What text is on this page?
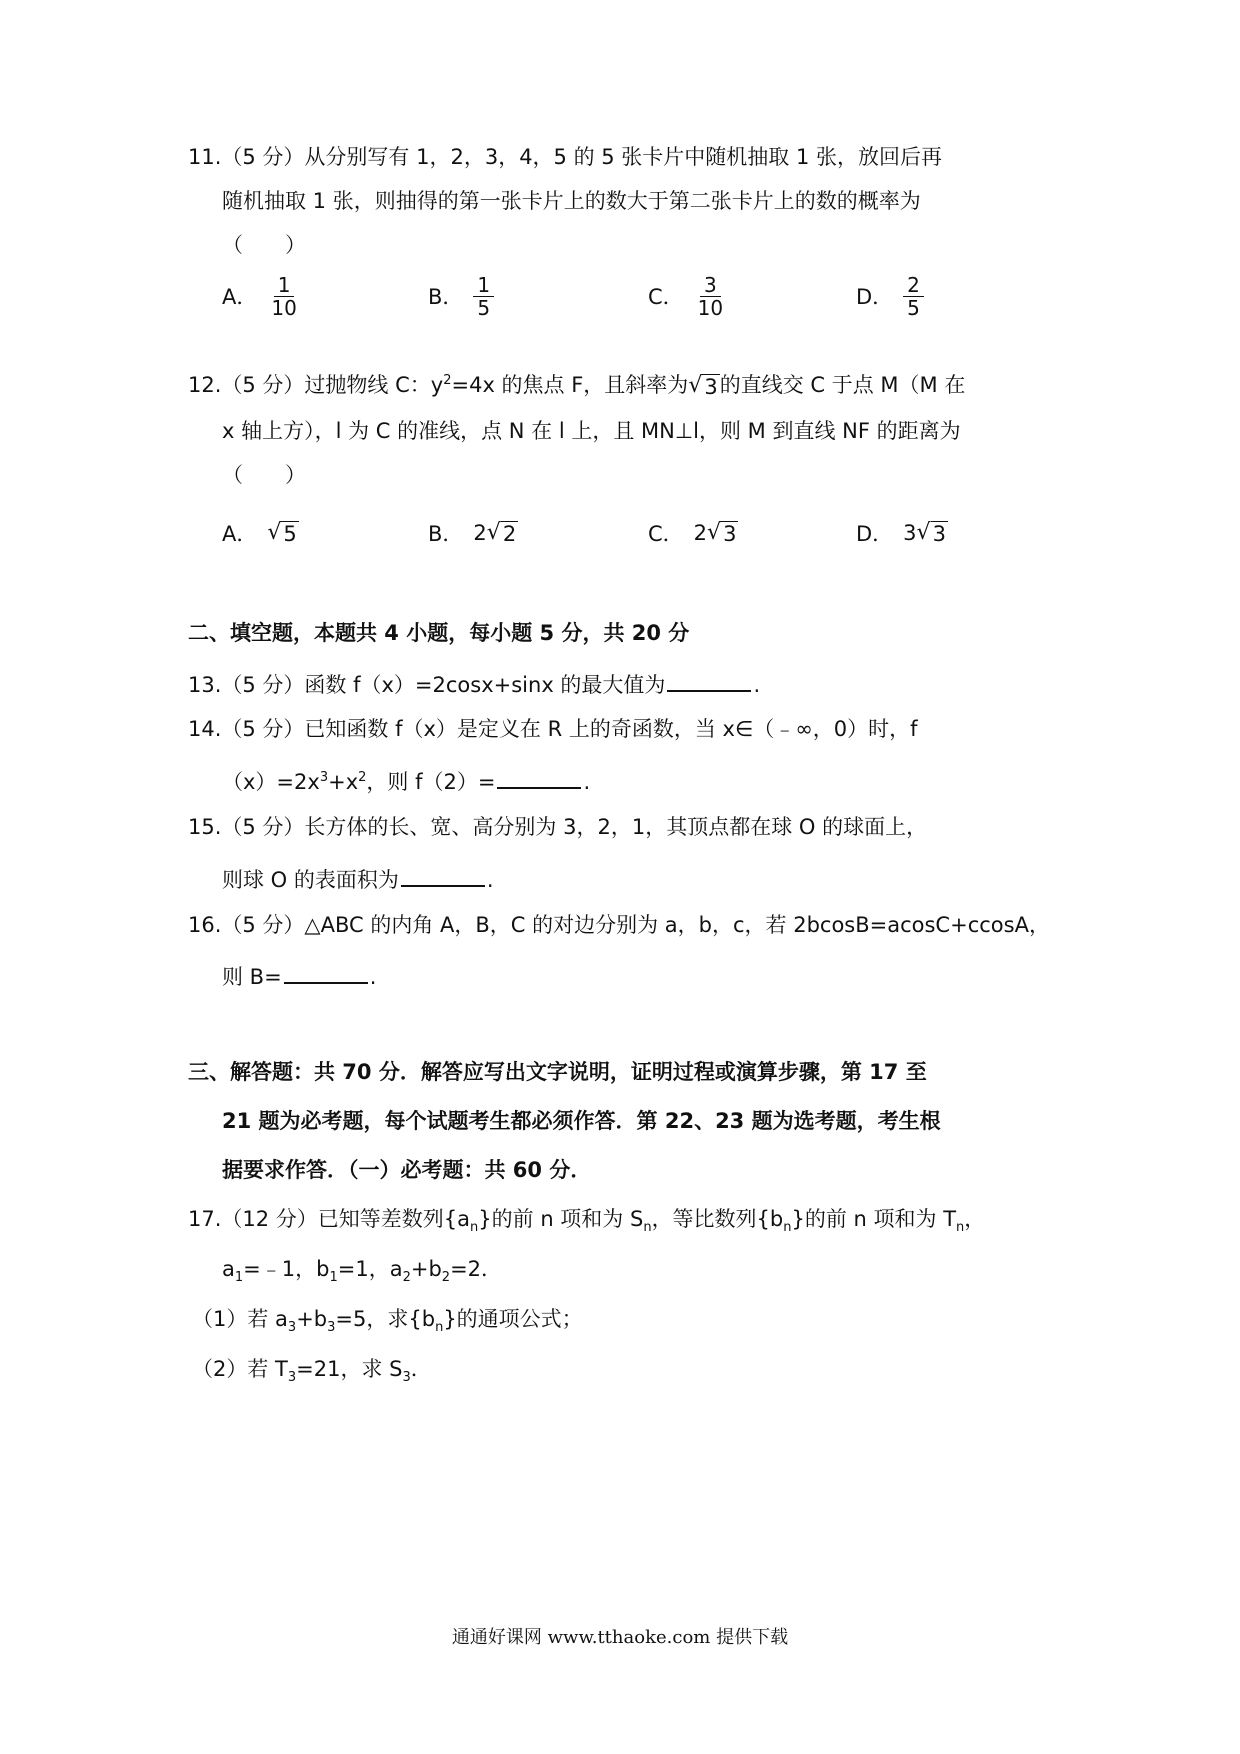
11.（5 分）从分别写有 1，2，3，4，5 的 5 张卡片中随机抽取 1 张，放回后再
随机抽取 1 张，则抽得的第一张卡片上的数大于第二张卡片上的数的概率为
（　　）
A． $\frac{1}{10}$	B． $\frac{1}{5}$	C． $\frac{3}{10}$	D． $\frac{2}{5}$
12.（5 分）过抛物线 C：$y^2=4x$ 的焦点 F，且斜率为 √ 3 的直线交 C 于点 M（M 在
x 轴上方），l 为 C 的准线，点 N 在 l 上，且 MN⊥l，则 M 到直线 NF 的距离为
（　　）
A． √ 5	B． 2 √ 2	C． 2 √ 3	D． 3 √ 3
二、填空题，本题共 4 小题，每小题 5 分，共 20 分
13.（5 分）函数 f（x）=2cosx+sinx 的最大值为	.
14.（5 分）已知函数 f（x）是定义在 R 上的奇函数，当 x∈（﹣∞，0）时，f
$(x)=2x^3+x^2$，则 f（2）=	.
15.（5 分）长方体的长、宽、高分别为 3，2，1，其顶点都在球 O 的球面上，
则球 O 的表面积为	.
16.（5 分）△ABC 的内角 A，B，C 的对边分别为 a，b，c，若 2bcosB=acosC+ccosA，
则 B=	.
三、解答题：共 70 分．解答应写出文字说明，证明过程或演算步骤，第 17 至
21 题为必考题，每个试题考生都必须作答．第 22、23 题为选考题，考生根
据要求作答．（一）必考题：共 60 分．
17.（12 分）已知等差数列$\{a_n\}$的前 n 项和为 $S_n$，等比数列$\{b_n\}$的前 n 项和为 $T_n$，
$a_1=﹣1$，$b_1=1$，$a_2+b_2=2$．
（1）若 $a_3+b_3=5$，求$\{b_n\}$的通项公式；
（2）若 $T_3=21$，求 $S_3$．
通通好课网 www.tthaoke.com 提供下载
